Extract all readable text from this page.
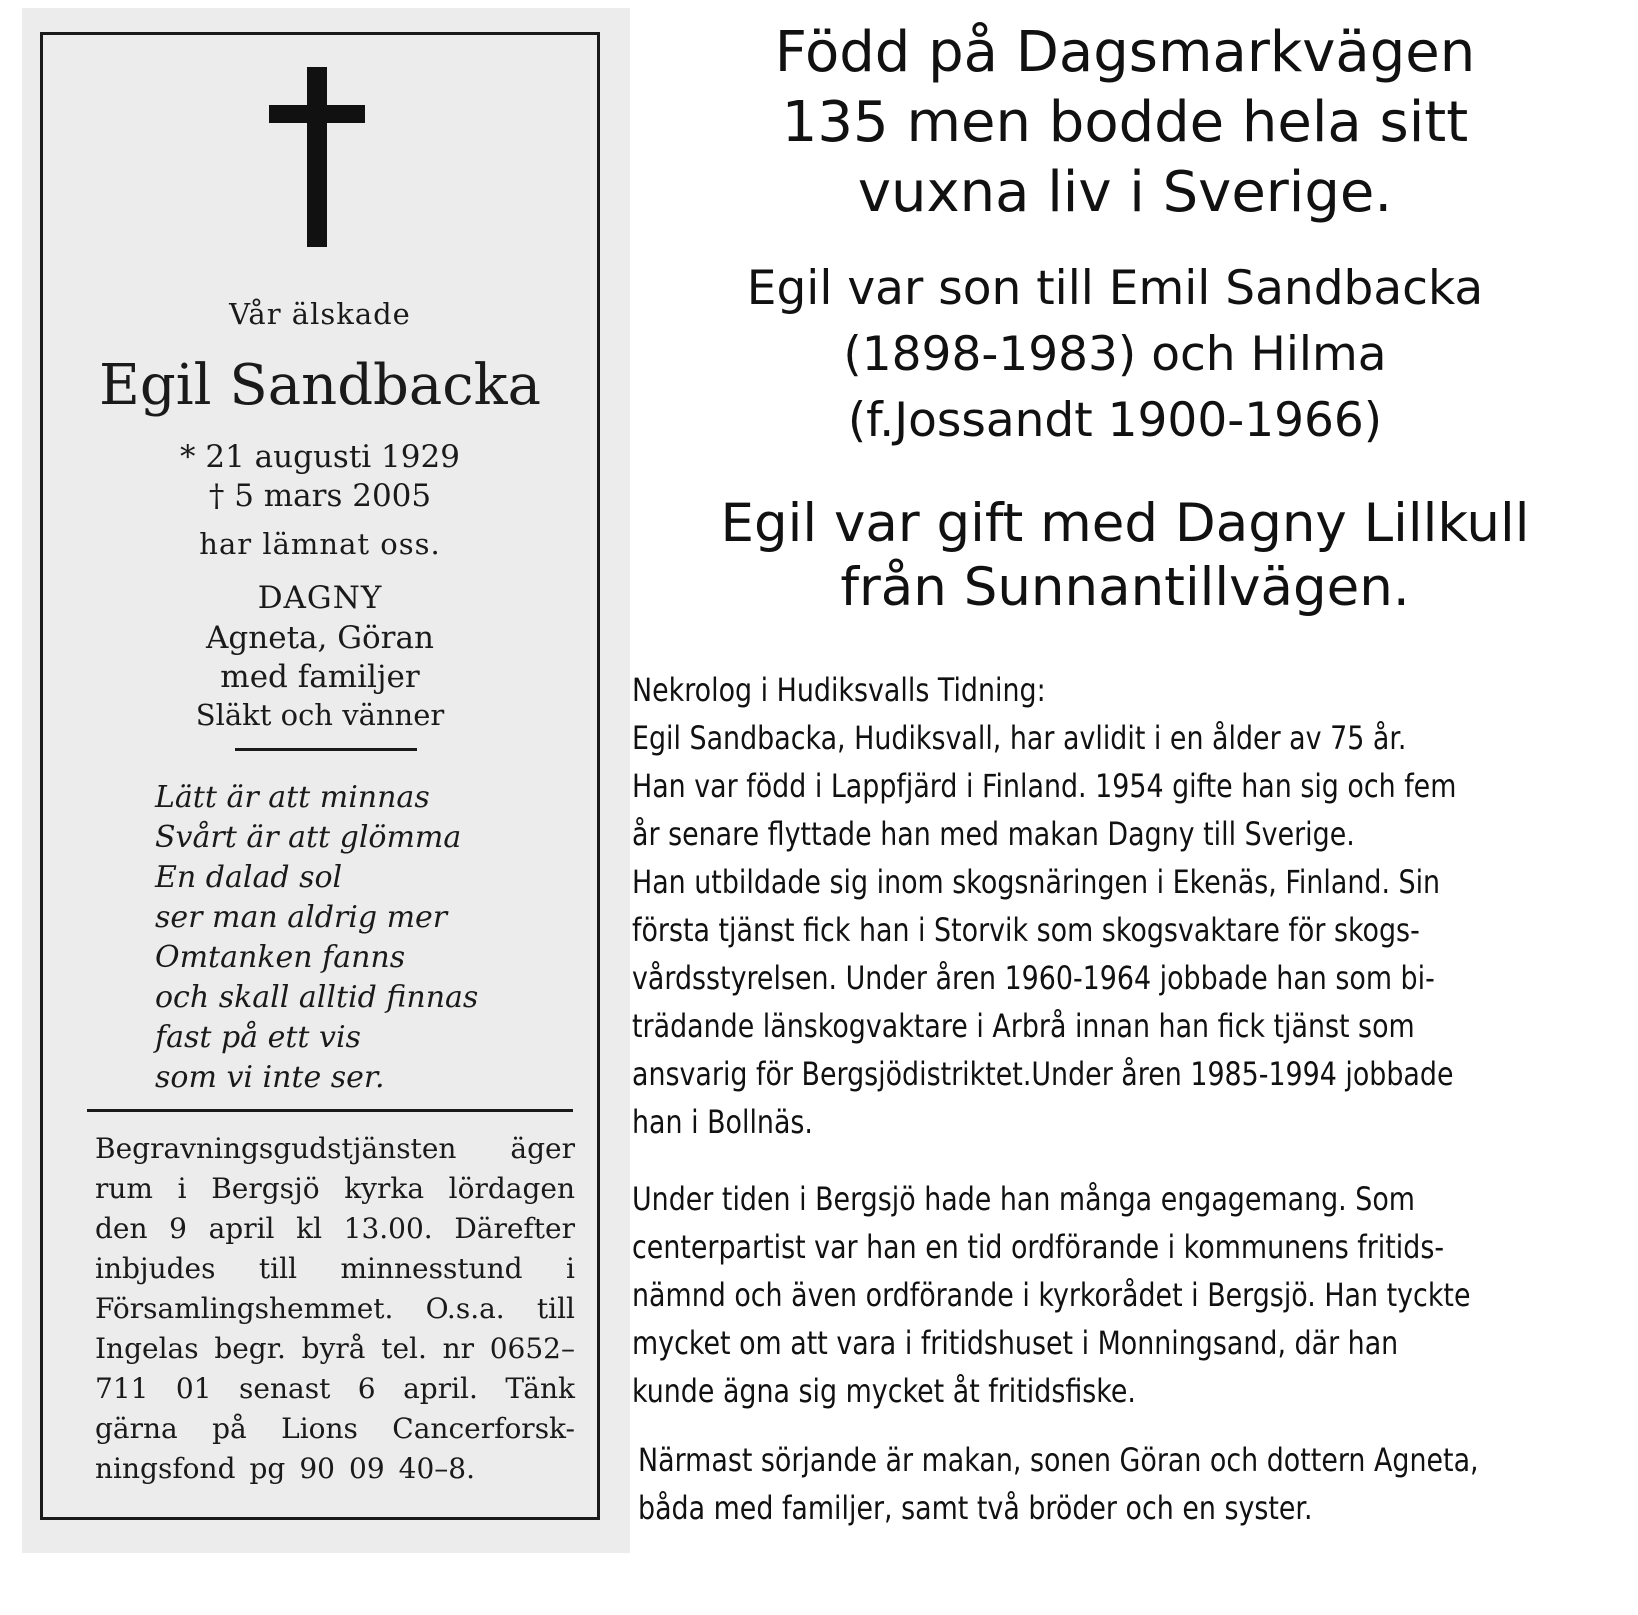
Vår älskade
Egil Sandbacka
* 21 augusti 1929
† 5 mars 2005
har lämnat oss.
DAGNY
Agneta, Göran
med familjer
Släkt och vänner
Lätt är att minnas
Svårt är att glömma
En dalad sol
ser man aldrig mer
Omtanken fanns
och skall alltid finnas
fast på ett vis
som vi inte ser.
Begravningsgudstjänsten äger
rum i Bergsjö kyrka lördagen
den 9 april kl 13.00. Därefter
inbjudes till minnesstund i
Församlingshemmet. O.s.a. till
Ingelas begr. byrå tel. nr 0652–
711 01 senast 6 april. Tänk
gärna på Lions Cancerforsk-
ningsfond pg 90 09 40–8.
Född på Dagsmarkvägen
135 men bodde hela sitt
vuxna liv i Sverige.
Egil var son till Emil Sandbacka
(1898-1983) och Hilma
(f.Jossandt 1900-1966)
Egil var gift med Dagny Lillkull
från Sunnantillvägen.
Nekrolog i Hudiksvalls Tidning:
Egil Sandbacka, Hudiksvall, har avlidit i en ålder av 75 år.
Han var född i Lappfjärd i Finland. 1954 gifte han sig och fem
år senare flyttade han med makan Dagny till Sverige.
Han utbildade sig inom skogsnäringen i Ekenäs, Finland. Sin
första tjänst fick han i Storvik som skogsvaktare för skogs-
vårdsstyrelsen. Under åren 1960-1964 jobbade han som bi-
trädande länskogvaktare i Arbrå innan han fick tjänst som
ansvarig för Bergsjödistriktet.Under åren 1985-1994 jobbade
han i Bollnäs.
Under tiden i Bergsjö hade han många engagemang. Som
centerpartist var han en tid ordförande i kommunens fritids-
nämnd och även ordförande i kyrkorådet i Bergsjö. Han tyckte
mycket om att vara i fritidshuset i Monningsand, där han
kunde ägna sig mycket åt fritidsfiske.
Närmast sörjande är makan, sonen Göran och dottern Agneta,
båda med familjer, samt två bröder och en syster.
